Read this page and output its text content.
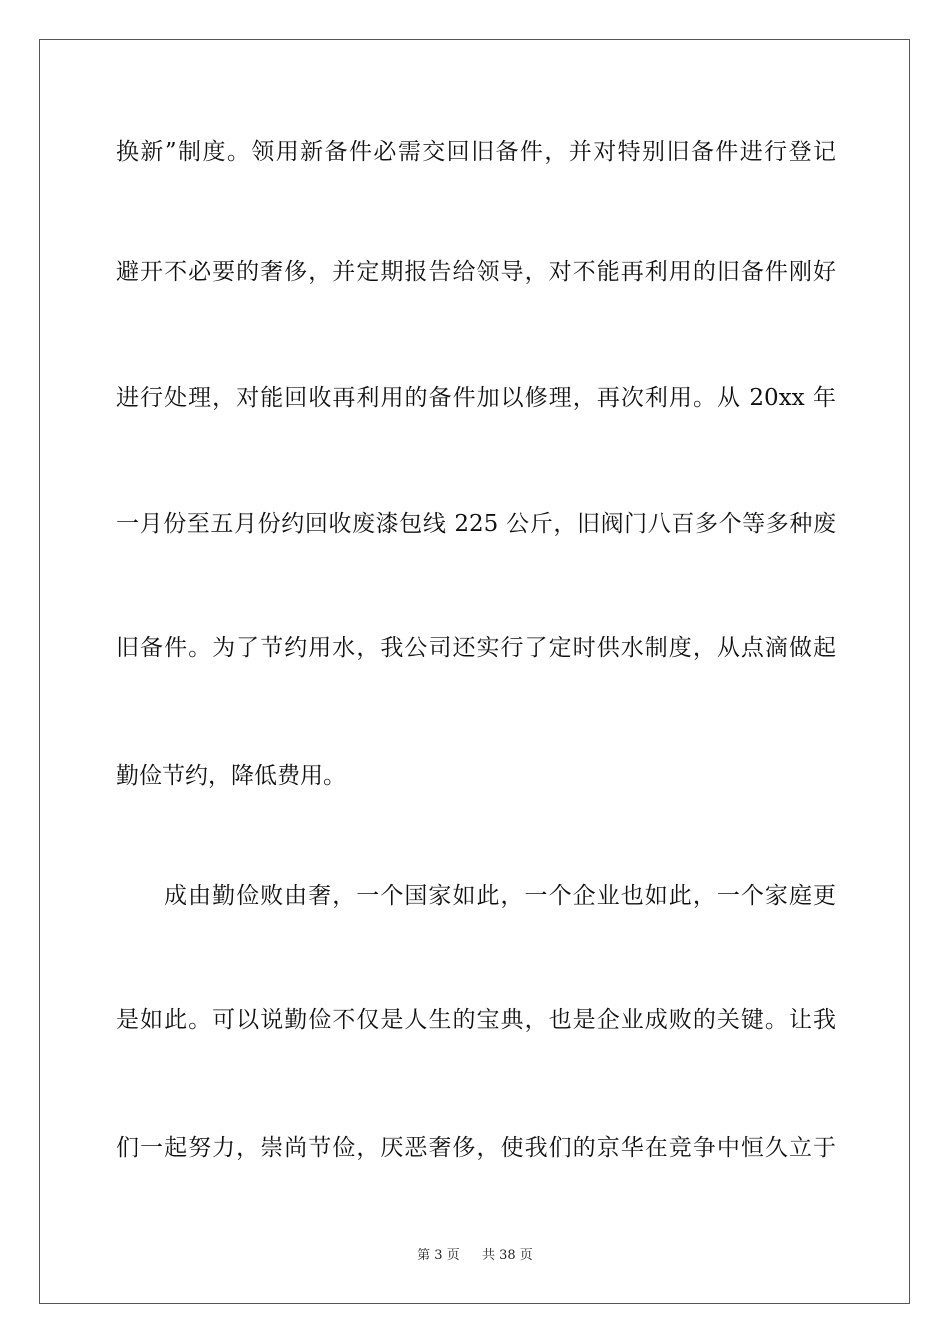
换新”制度。领用新备件必需交回旧备件，并对特别旧备件进行登记
避开不必要的奢侈，并定期报告给领导，对不能再利用的旧备件刚好
进行处理，对能回收再利用的备件加以修理，再次利用。从 20xx 年
一月份至五月份约回收废漆包线 225 公斤，旧阀门八百多个等多种废
旧备件。为了节约用水，我公司还实行了定时供水制度，从点滴做起
勤俭节约，降低费用。
成由勤俭败由奢，一个国家如此，一个企业也如此，一个家庭更
是如此。可以说勤俭不仅是人生的宝典，也是企业成败的关键。让我
们一起努力，崇尚节俭，厌恶奢侈，使我们的京华在竞争中恒久立于
第 3 页 共 38 页
